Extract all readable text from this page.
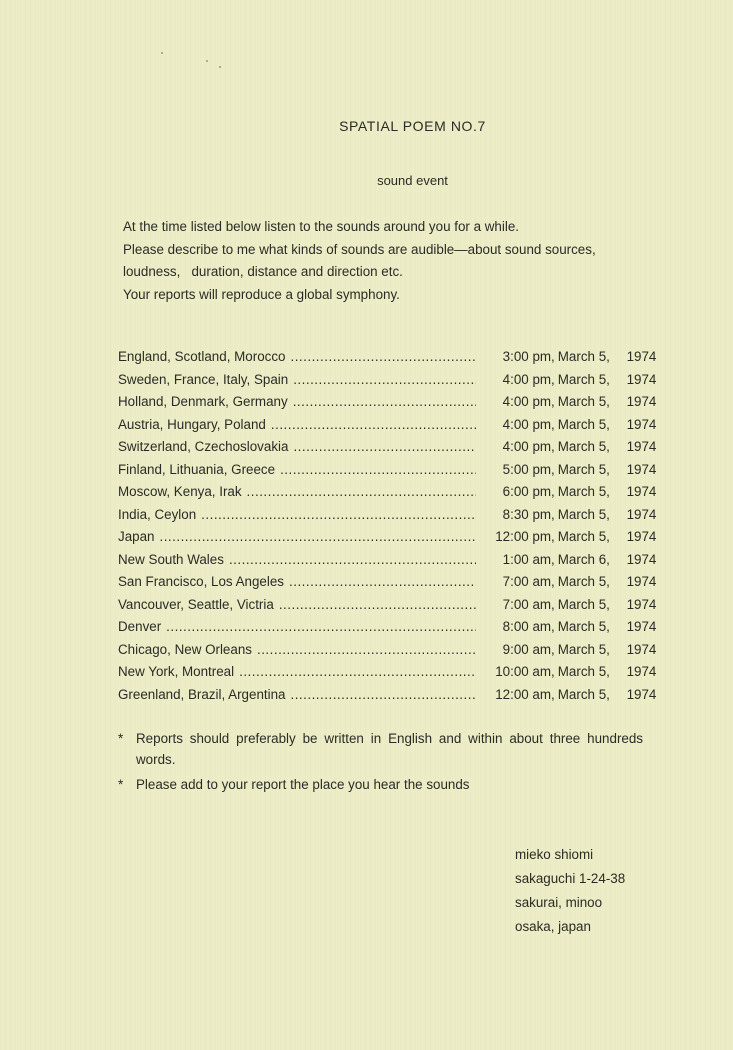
SPATIAL POEM NO.7
sound event

At the time listed below listen to the sounds around you for a while.

Please describe to me what kinds of sounds are audible—about sound sources,

loudness,   duration, distance and direction etc.

Your reports will reproduce a global symphony.

England, Scotland, Morocco .....	3:00 pm, March 5,	1974
Sweden, France, Italy, Spain .....	4:00 pm, March 5,	1974
Holland, Denmark, Germany .....	4:00 pm, March 5,	1974
Austria, Hungary, Poland .....	4:00 pm, March 5,	1974
Switzerland, Czechoslovakia .....	4:00 pm, March 5,	1974
Finland, Lithuania, Greece .....	5:00 pm, March 5,	1974
Moscow, Kenya, Irak .....	6:00 pm, March 5,	1974
India, Ceylon .....	8:30 pm, March 5,	1974
Japan .....	12:00 pm, March 5,	1974
New South Wales .....	1:00 am, March 6,	1974
San Francisco, Los Angeles .....	7:00 am, March 5,	1974
Vancouver, Seattle, Victria .....	7:00 am, March 5,	1974
Denver .....	8:00 am, March 5,	1974
Chicago, New Orleans .....	9:00 am, March 5,	1974
New York, Montreal .....	10:00 am, March 5,	1974
Greenland, Brazil, Argentina .....	12:00 am, March 5,	1974
* Reports should preferably be written in English and within about three hundreds   words.
* Please add to your report the place you hear the sounds
mieko shiomi
sakaguchi 1-24-38
sakurai, minoo
osaka, japan
